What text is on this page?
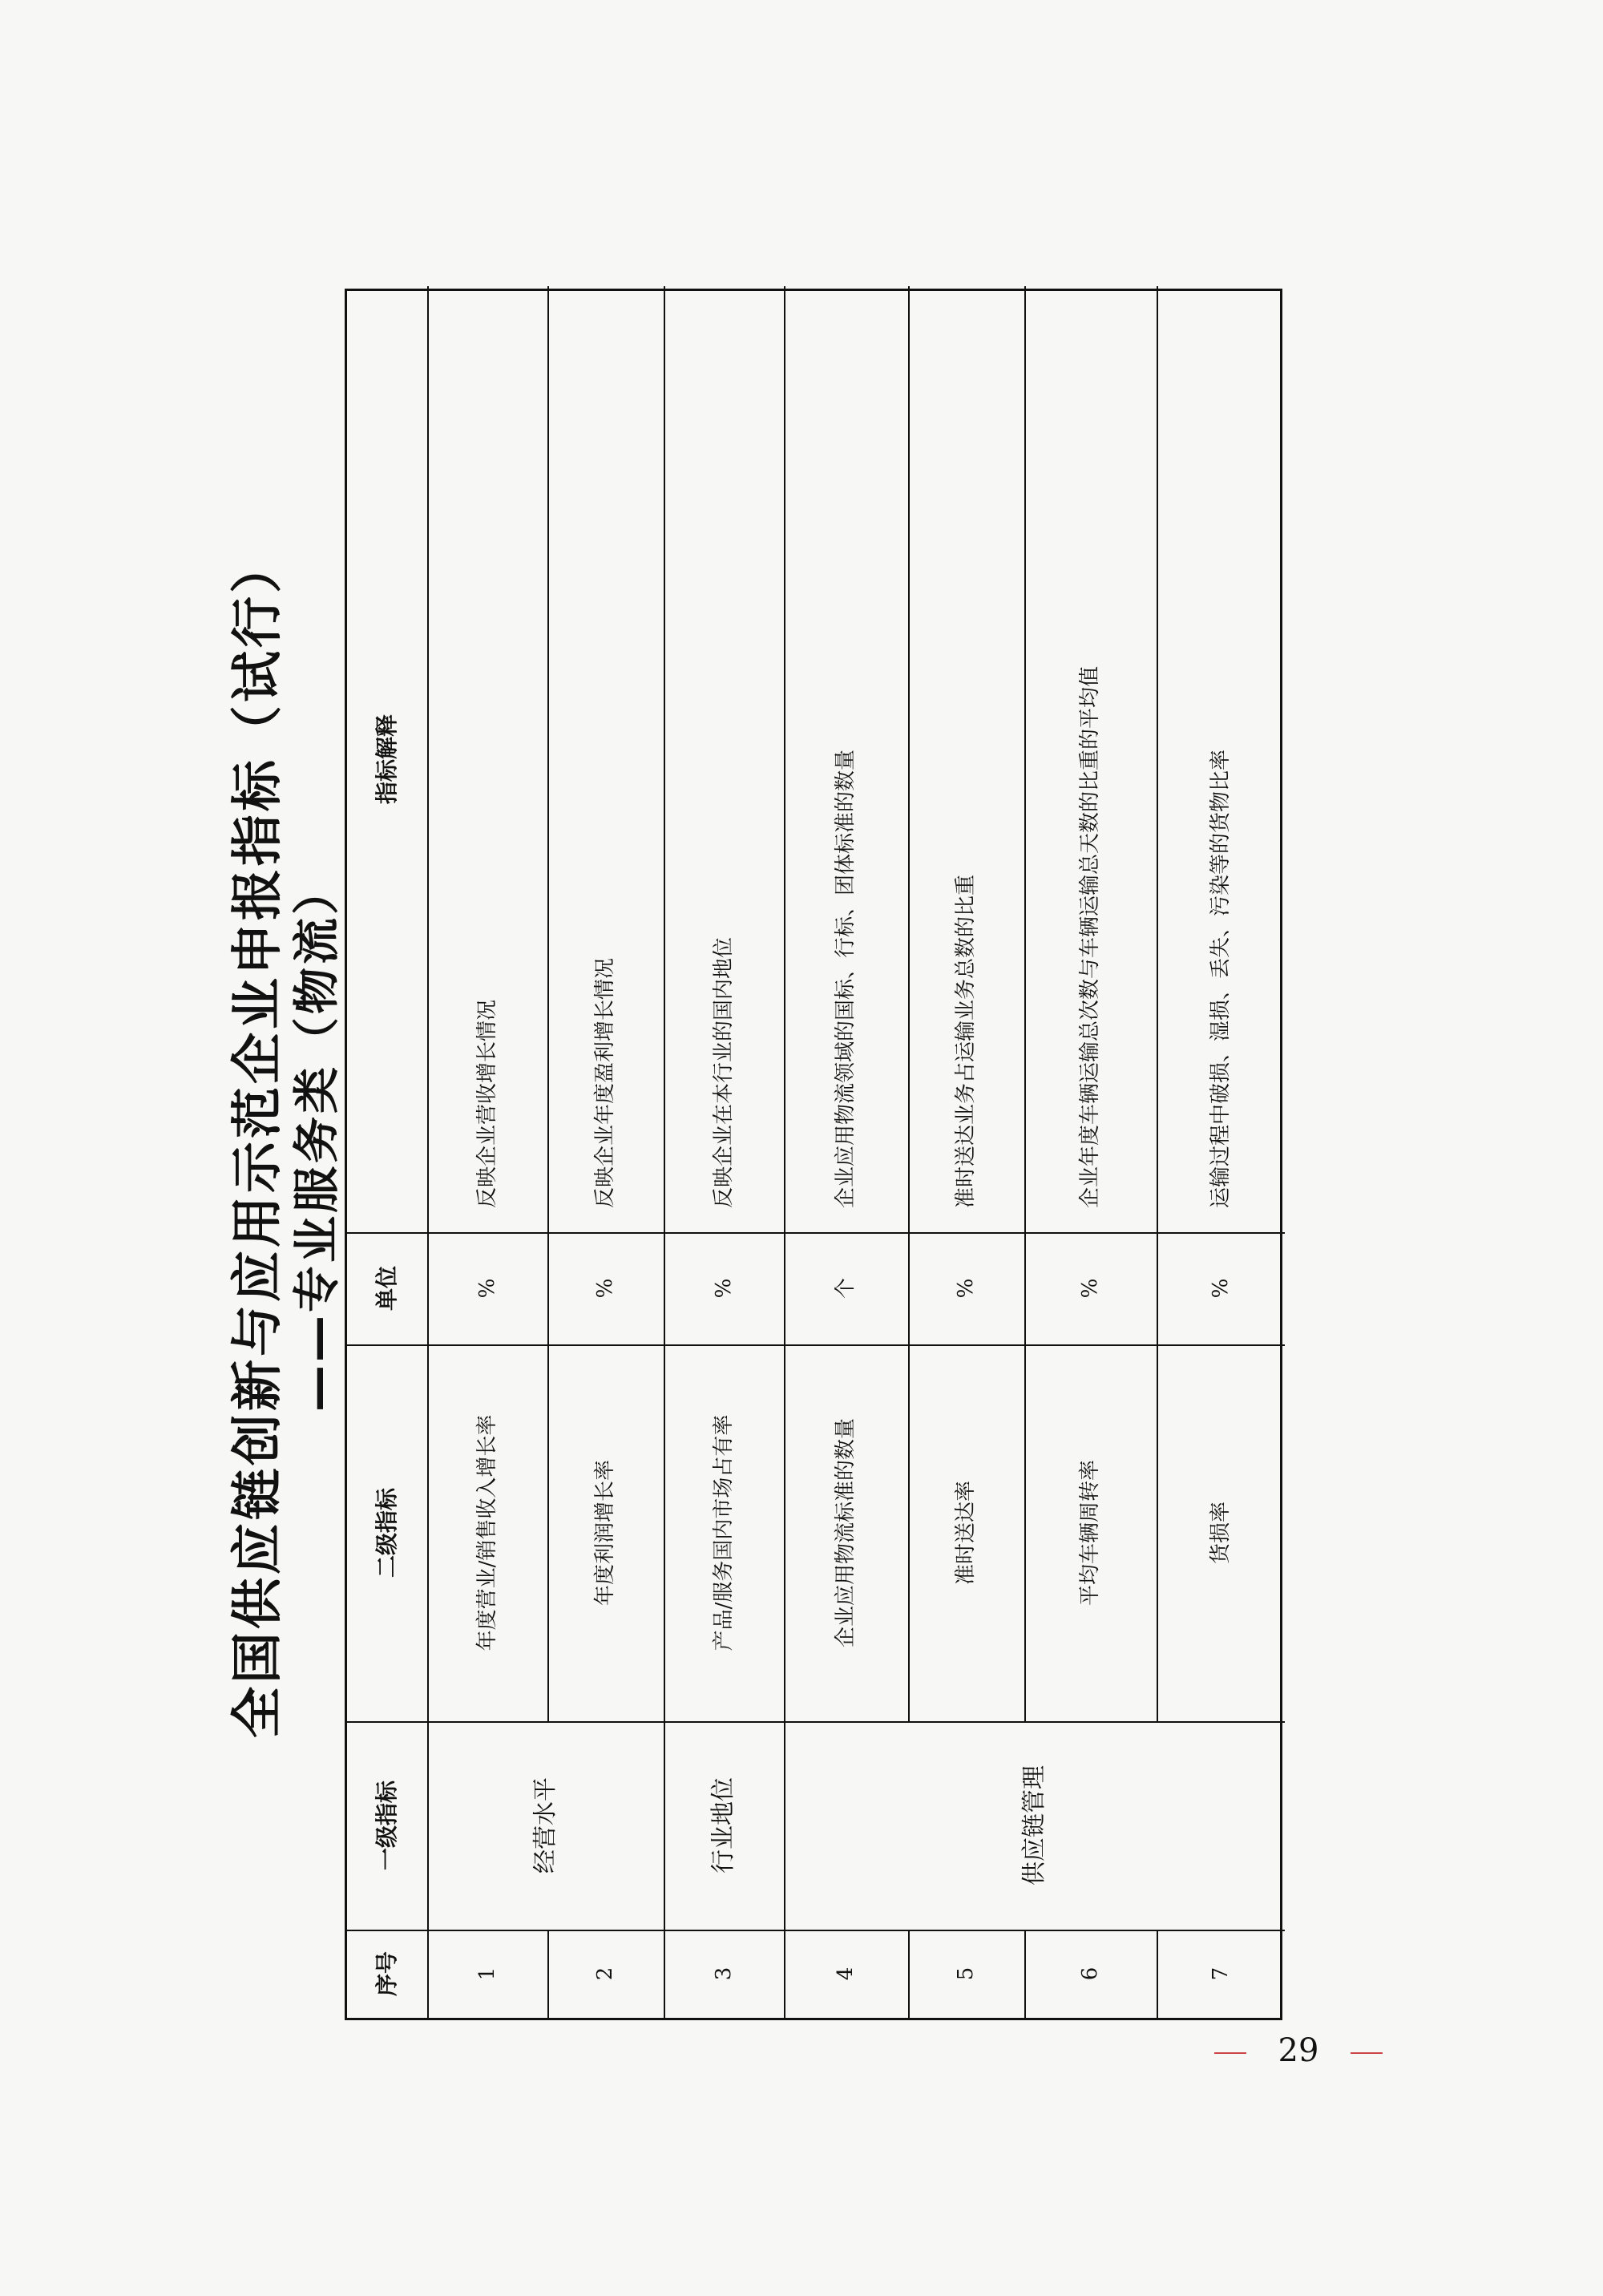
全国供应链创新与应用示范企业申报指标（试行） ——专业服务类（物流）
序号
一级指标
二级指标
单位
指标解释
经营水平	行业地位	供应链管理
1
年度营业/销售收入增长率
%
反映企业营收增长情况
2
年度利润增长率
%
反映企业年度盈利增长情况
3
产品/服务国内市场占有率
%
反映企业在本行业的国内地位
4
企业应用物流标准的数量
个
企业应用物流领域的国标、行标、团体标准的数量
5
准时送达率
%
准时送达业务占运输业务总数的比重
6
平均车辆周转率
%
企业年度车辆运输总次数与车辆运输总天数的比重的平均值
7
货损率
%
运输过程中破损、湿损、丢失、污染等的货物比率
29
